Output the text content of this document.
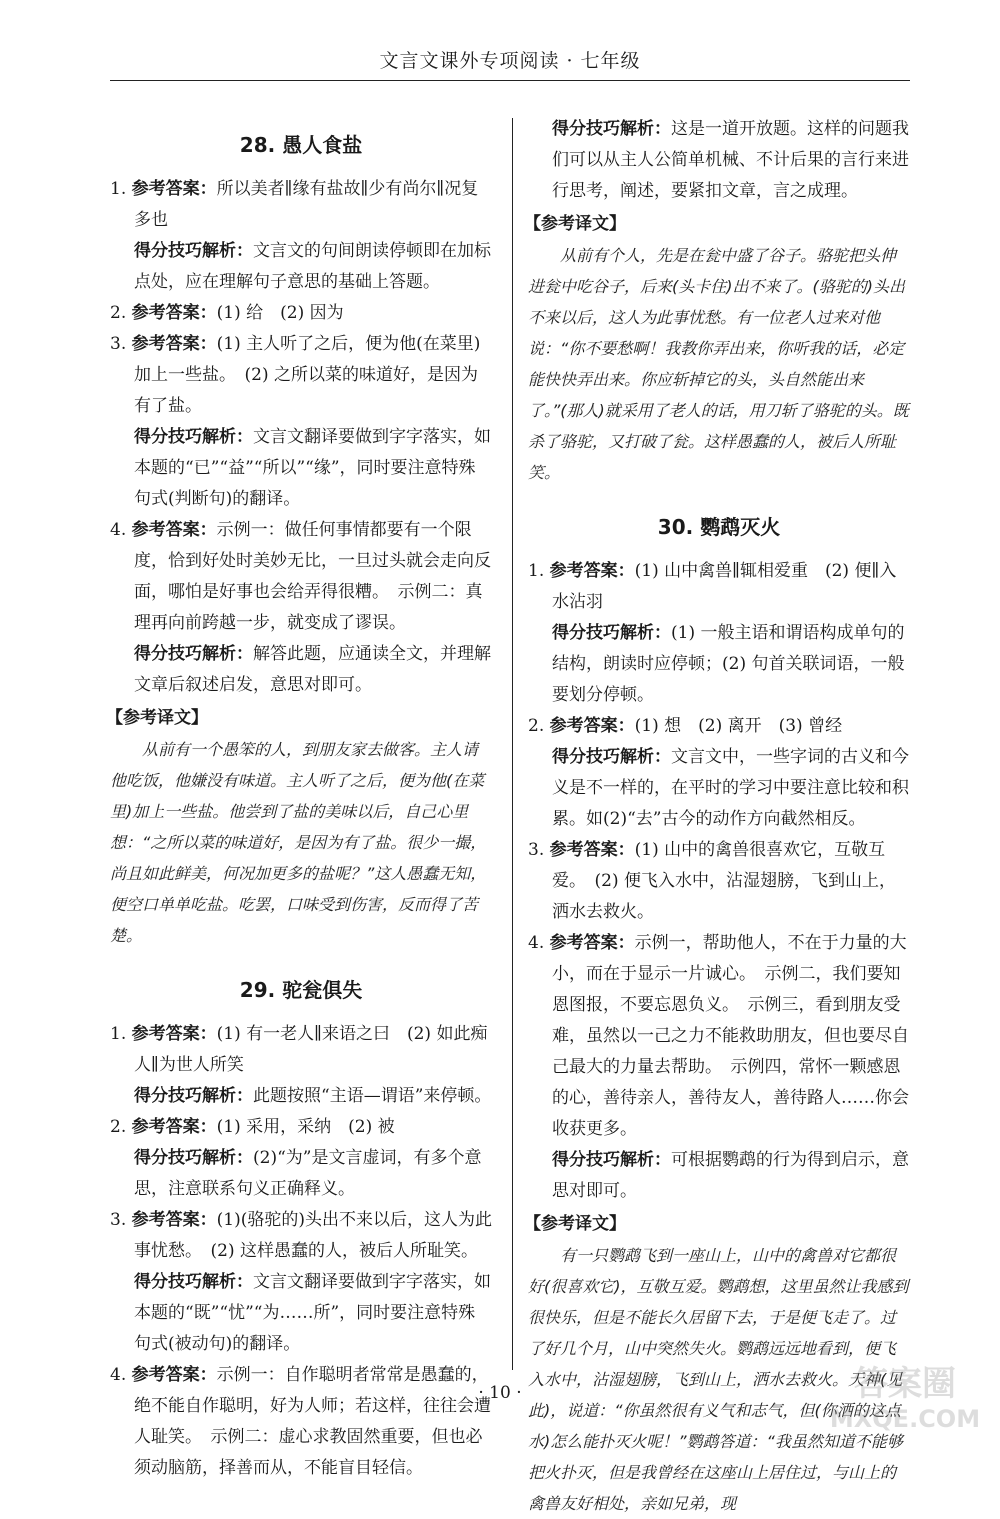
文言文课外专项阅读 · 七年级
28. 愚人食盐

1. 参考答案：所以美者∥缘有盐故∥少有尚尔∥况复多也

得分技巧解析：文言文的句间朗读停顿即在加标点处，应在理解句子意思的基础上答题。

2. 参考答案：(1) 给　(2) 因为

3. 参考答案：(1) 主人听了之后，便为他(在菜里)加上一些盐。　(2) 之所以菜的味道好，是因为有了盐。

得分技巧解析：文言文翻译要做到字字落实，如本题的“已”“益”“所以”“缘”，同时要注意特殊句式(判断句)的翻译。

4. 参考答案：示例一：做任何事情都要有一个限度，恰到好处时美妙无比，一旦过头就会走向反面，哪怕是好事也会给弄得很糟。　示例二：真理再向前跨越一步，就变成了谬误。

得分技巧解析：解答此题，应通读全文，并理解文章后叙述启发，意思对即可。

【参考译文】

从前有一个愚笨的人，到朋友家去做客。主人请他吃饭，他嫌没有味道。主人听了之后，便为他(在菜里)加上一些盐。他尝到了盐的美味以后，自己心里想：“之所以菜的味道好，是因为有了盐。很少一撮，尚且如此鲜美，何况加更多的盐呢？”这人愚蠢无知，便空口单单吃盐。吃罢，口味受到伤害，反而得了苦楚。

29. 驼瓮俱失

1. 参考答案：(1) 有一老人∥来语之曰　(2) 如此痴人∥为世人所笑

得分技巧解析：此题按照“主语—谓语”来停顿。

2. 参考答案：(1) 采用，采纳　(2) 被

得分技巧解析：(2)“为”是文言虚词，有多个意思，注意联系句义正确释义。

3. 参考答案：(1)(骆驼的)头出不来以后，这人为此事忧愁。　(2) 这样愚蠢的人，被后人所耻笑。

得分技巧解析：文言文翻译要做到字字落实，如本题的“既”“忧”“为……所”，同时要注意特殊句式(被动句)的翻译。

4. 参考答案：示例一：自作聪明者常常是愚蠢的，绝不能自作聪明，好为人师；若这样，往往会遭人耻笑。　示例二：虚心求教固然重要，但也必须动脑筋，择善而从，不能盲目轻信。

得分技巧解析：这是一道开放题。这样的问题我们可以从主人公简单机械、不计后果的言行来进行思考，阐述，要紧扣文章，言之成理。

【参考译文】

从前有个人，先是在瓮中盛了谷子。骆驼把头伸进瓮中吃谷子，后来(头卡住)出不来了。(骆驼的)头出不来以后，这人为此事忧愁。有一位老人过来对他说：“你不要愁啊！我教你弄出来，你听我的话，必定能快快弄出来。你应斩掉它的头，头自然能出来了。”(那人)就采用了老人的话，用刀斩了骆驼的头。既杀了骆驼，又打破了瓮。这样愚蠢的人，被后人所耻笑。

30. 鹦鹉灭火

1. 参考答案：(1) 山中禽兽∥辄相爱重　(2) 便∥入水沾羽

得分技巧解析：(1) 一般主语和谓语构成单句的结构，朗读时应停顿；(2) 句首关联词语，一般要划分停顿。

2. 参考答案：(1) 想　(2) 离开　(3) 曾经

得分技巧解析：文言文中，一些字词的古义和今义是不一样的，在平时的学习中要注意比较和积累。如(2)“去”古今的动作方向截然相反。

3. 参考答案：(1) 山中的禽兽很喜欢它，互敬互爱。　(2) 便飞入水中，沾湿翅膀，飞到山上，洒水去救火。

4. 参考答案：示例一，帮助他人，不在于力量的大小，而在于显示一片诚心。　示例二，我们要知恩图报，不要忘恩负义。　示例三，看到朋友受难，虽然以一己之力不能救助朋友，但也要尽自己最大的力量去帮助。　示例四，常怀一颗感恩的心，善待亲人，善待友人，善待路人……你会收获更多。

得分技巧解析：可根据鹦鹉的行为得到启示，意思对即可。

【参考译文】

有一只鹦鹉飞到一座山上，山中的禽兽对它都很好(很喜欢它)，互敬互爱。鹦鹉想，这里虽然让我感到很快乐，但是不能长久居留下去，于是便飞走了。过了好几个月，山中突然失火。鹦鹉远远地看到，便飞入水中，沾湿翅膀，飞到山上，洒水去救火。天神(见此)，说道：“你虽然很有义气和志气，但(你洒的这点水)怎么能扑灭火呢！”鹦鹉答道：“我虽然知道不能够把火扑灭，但是我曾经在这座山上居住过，与山上的禽兽友好相处，亲如兄弟，现

· 10 ·	答案圈
MXQE.COM
